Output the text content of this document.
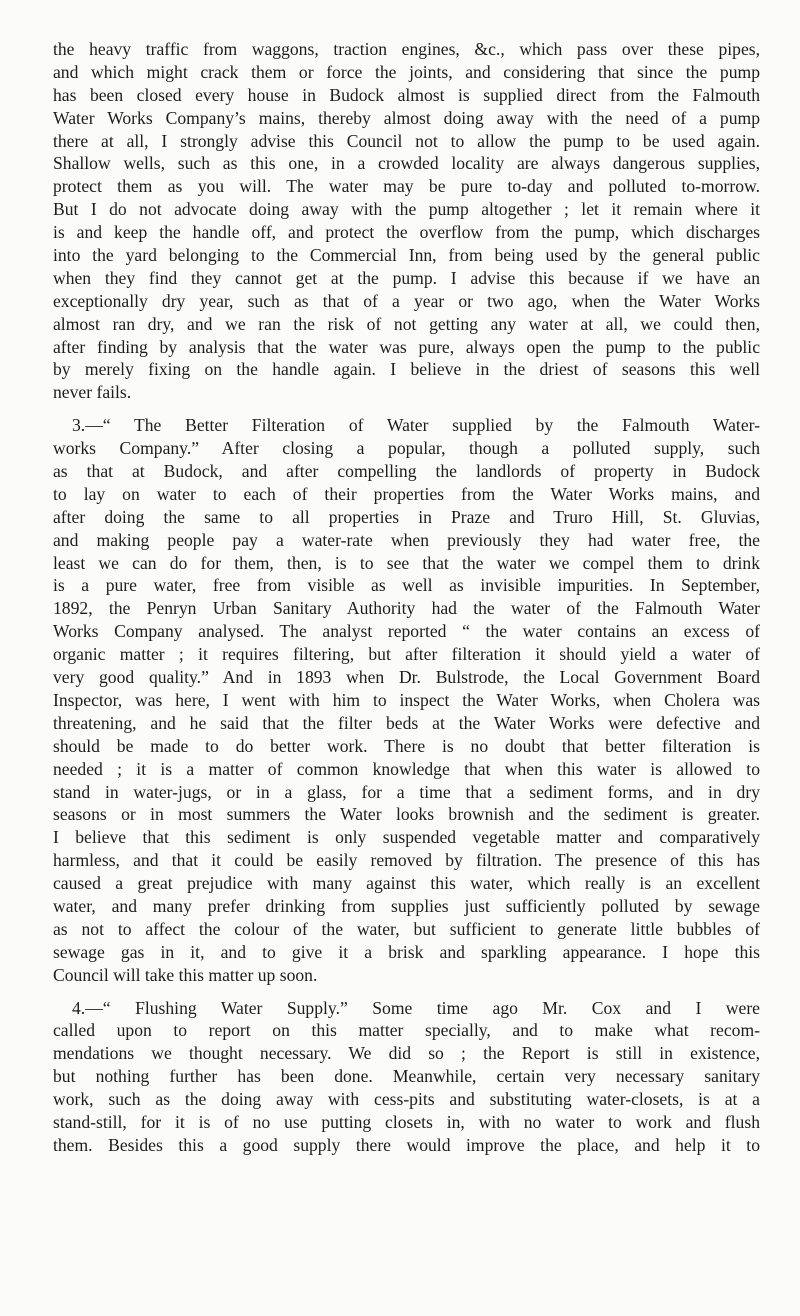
the heavy traffic from waggons, traction engines, &c., which pass over these pipes,
and which might crack them or force the joints, and considering that since the pump
has been closed every house in Budock almost is supplied direct from the Falmouth
Water Works Company’s mains, thereby almost doing away with the need of a pump
there at all, I strongly advise this Council not to allow the pump to be used again.
Shallow wells, such as this one, in a crowded locality are always dangerous supplies,
protect them as you will. The water may be pure to-day and polluted to-morrow.
But I do not advocate doing away with the pump altogether ; let it remain where it
is and keep the handle off, and protect the overflow from the pump, which discharges
into the yard belonging to the Commercial Inn, from being used by the general public
when they find they cannot get at the pump. I advise this because if we have an
exceptionally dry year, such as that of a year or two ago, when the Water Works
almost ran dry, and we ran the risk of not getting any water at all, we could then,
after finding by analysis that the water was pure, always open the pump to the public
by merely fixing on the handle again. I believe in the driest of seasons this well
never fails.
3.—“ The Better Filteration of Water supplied by the Falmouth Water-
works Company.” After closing a popular, though a polluted supply, such
as that at Budock, and after compelling the landlords of property in Budock
to lay on water to each of their properties from the Water Works mains, and
after doing the same to all properties in Praze and Truro Hill, St. Gluvias,
and making people pay a water-rate when previously they had water free, the
least we can do for them, then, is to see that the water we compel them to drink
is a pure water, free from visible as well as invisible impurities. In September,
1892, the Penryn Urban Sanitary Authority had the water of the Falmouth Water
Works Company analysed. The analyst reported “ the water contains an excess of
organic matter ; it requires filtering, but after filteration it should yield a water of
very good quality.” And in 1893 when Dr. Bulstrode, the Local Government Board
Inspector, was here, I went with him to inspect the Water Works, when Cholera was
threatening, and he said that the filter beds at the Water Works were defective and
should be made to do better work. There is no doubt that better filteration is
needed ; it is a matter of common knowledge that when this water is allowed to
stand in water-jugs, or in a glass, for a time that a sediment forms, and in dry
seasons or in most summers the Water looks brownish and the sediment is greater.
I believe that this sediment is only suspended vegetable matter and comparatively
harmless, and that it could be easily removed by filtration. The presence of this has
caused a great prejudice with many against this water, which really is an excellent
water, and many prefer drinking from supplies just sufficiently polluted by sewage
as not to affect the colour of the water, but sufficient to generate little bubbles of
sewage gas in it, and to give it a brisk and sparkling appearance. I hope this
Council will take this matter up soon.
4.—“ Flushing Water Supply.” Some time ago Mr. Cox and I were
called upon to report on this matter specially, and to make what recom-
mendations we thought necessary. We did so ; the Report is still in existence,
but nothing further has been done. Meanwhile, certain very necessary sanitary
work, such as the doing away with cess-pits and substituting water-closets, is at a
stand-still, for it is of no use putting closets in, with no water to work and flush
them. Besides this a good supply there would improve the place, and help it to
